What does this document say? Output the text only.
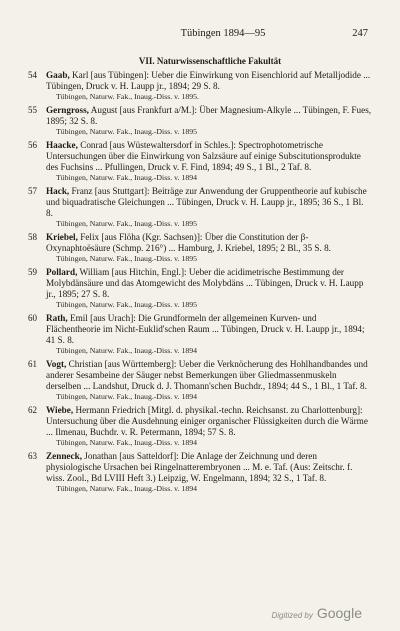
Tübingen 1894—95	247
VII. Naturwissenschaftliche Fakultät
54 Gaab, Karl [aus Tübingen]: Ueber die Einwirkung von Eisenchlorid auf Metalljodide ... Tübingen, Druck v. H. Laupp jr., 1894; 29 S. 8.

Tübingen, Naturw. Fak., Inaug.-Diss. v. 1895.

55 Gerngross, August [aus Frankfurt a/M.]: Über Magnesium-Alkyle ... Tübingen, F. Fues, 1895; 32 S. 8.

Tübingen, Naturw. Fak., Inaug.-Diss. v. 1895

56 Haacke, Conrad [aus Wüstewaltersdorf in Schles.]: Spectrophotometrische Untersuchungen über die Einwirkung von Salzsäure auf einige Subscitutionsprodukte des Fuchsins ... Pfullingen, Druck v. F. Find, 1894; 49 S., 1 Bl., 2 Taf. 8.

Tübingen, Naturw. Fak., Inaug.-Diss. v. 1894

57 Hack, Franz [aus Stuttgart]: Beiträge zur Anwendung der Gruppentheorie auf kubische und biquadratische Gleichungen ... Tübingen, Druck v. H. Laupp jr., 1895; 36 S., 1 Bl. 8.

Tübingen, Naturw. Fak., Inaug.-Diss. v. 1895

58 Kriebel, Felix [aus Flöha (Kgr. Sachsen)]: Über die Constitution der β-Oxynaphtoësäure (Schmp. 216°) ... Hamburg, J. Kriebel, 1895; 2 Bl., 35 S. 8.

Tübingen, Naturw. Fak., Inaug.-Diss. v. 1895

59 Pollard, William [aus Hitchin, Engl.]: Ueber die acidimetrische Bestimmung der Molybdänsäure und das Atomgewicht des Molybdäns ... Tübingen, Druck v. H. Laupp jr., 1895; 27 S. 8.

Tübingen, Naturw. Fak., Inaug.-Diss. v. 1895

60 Rath, Emil [aus Urach]: Die Grundformeln der allgemeinen Kurven- und Flächentheorie im Nicht-Euklid'schen Raum ... Tübingen, Druck v. H. Laupp jr., 1894; 41 S. 8.

Tübingen, Naturw. Fak., Inaug.-Diss. v. 1894

61 Vogt, Christian [aus Württemberg]: Ueber die Verknöcherung des Hohlhandbandes und anderer Sesambeine der Säuger nebst Bemerkungen über Gliedmassenmuskeln derselben ... Landshut, Druck d. J. Thomann'schen Buchdr., 1894; 44 S., 1 Bl., 1 Taf. 8.

Tübingen, Naturw. Fak., Inaug.-Diss. v. 1894

62 Wiebe, Hermann Friedrich [Mitgl. d. physikal.-techn. Reichsanst. zu Charlottenburg]: Untersuchung über die Ausdehnung einiger organischer Flüssigkeiten durch die Wärme ... Ilmenau, Buchdr. v. R. Petermann, 1894; 57 S. 8.

Tübingen, Naturw. Fak., Inaug.-Diss. v. 1894

63 Zenneck, Jonathan [aus Satteldorf]: Die Anlage der Zeichnung und deren physiologische Ursachen bei Ringelnatterembryonen ... M. e. Taf. (Aus: Zeitschr. f. wiss. Zool., Bd LVIII Heft 3.) Leipzig, W. Engelmann, 1894; 32 S., 1 Taf. 8.

Tübingen, Naturw. Fak., Inaug.-Diss. v. 1894

Digitized by Google
